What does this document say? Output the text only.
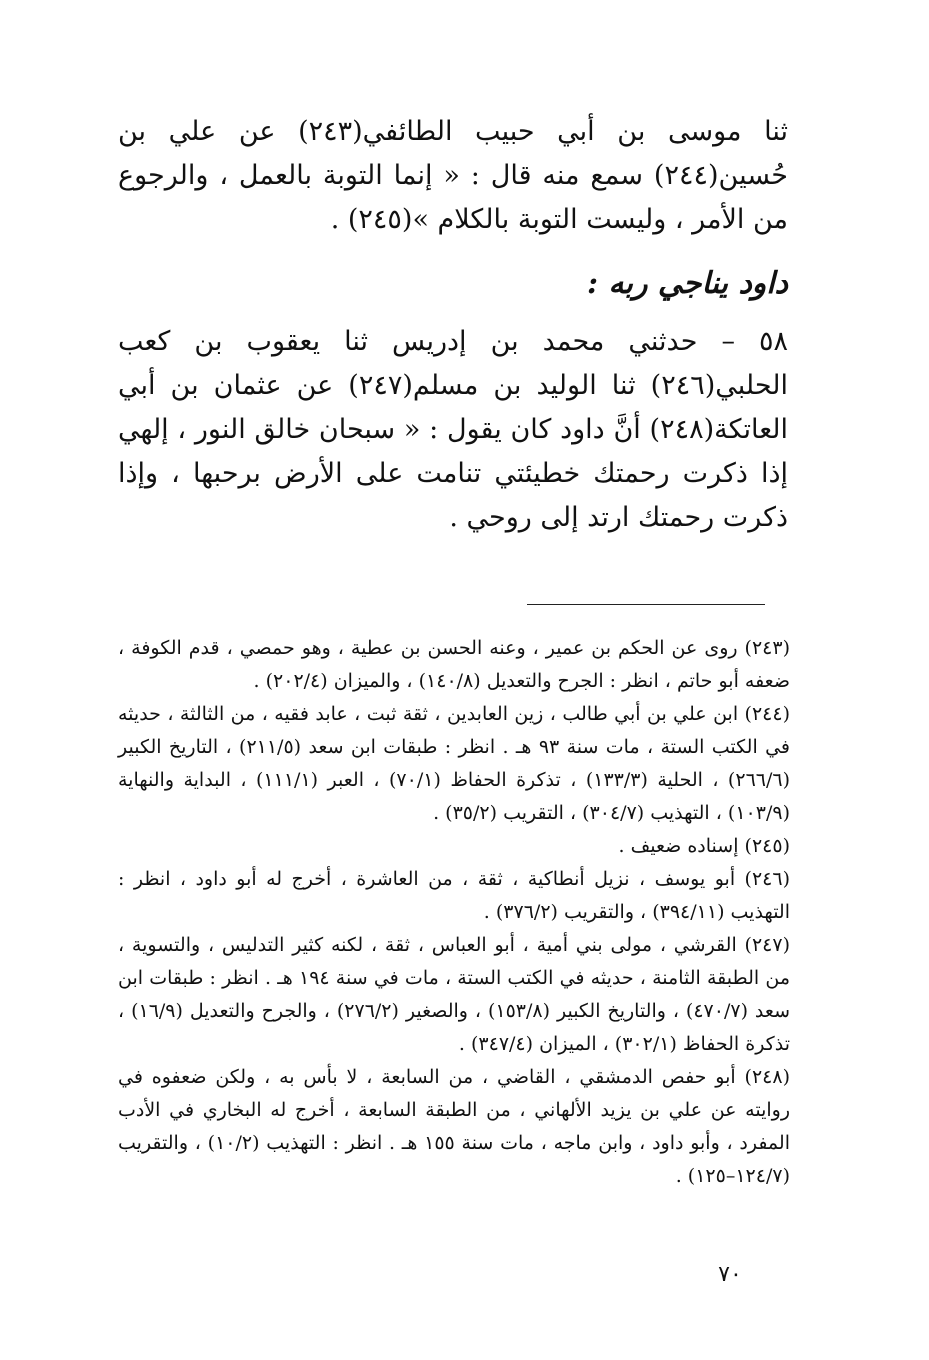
ثنا موسى بن أبي حبيب الطائفي(٢٤٣) عن علي بن حُسين(٢٤٤) سمع منه قال : « إنما التوبة بالعمل ، والرجوع من الأمر ، وليست التوبة بالكلام »(٢٤٥) .

داود يناجي ربه :

٥٨ – حدثني محمد بن إدريس ثنا يعقوب بن كعب الحلبي(٢٤٦) ثنا الوليد بن مسلم(٢٤٧) عن عثمان بن أبي العاتكة(٢٤٨) أنَّ داود كان يقول : « سبحان خالق النور ، إلهي إذا ذكرت رحمتك خطيئتي تنامت على الأرض برحبها ، وإذا ذكرت رحمتك ارتد إلى روحي .

(٢٤٣) روى عن الحكم بن عمير ، وعنه الحسن بن عطية ، وهو حمصي ، قدم الكوفة ، ضعفه أبو حاتم ، انظر : الجرح والتعديل (١٤٠/٨) ، والميزان (٢٠٢/٤) .

(٢٤٤) ابن علي بن أبي طالب ، زين العابدين ، ثقة ثبت ، عابد فقيه ، من الثالثة ، حديثه في الكتب الستة ، مات سنة ٩٣ هـ . انظر : طبقات ابن سعد (٢١١/٥) ، التاريخ الكبير (٢٦٦/٦) ، الحلية (١٣٣/٣) ، تذكرة الحفاظ (٧٠/١) ، العبر (١١١/١) ، البداية والنهاية (١٠٣/٩) ، التهذيب (٣٠٤/٧) ، التقريب (٣٥/٢) .

(٢٤٥) إسناده ضعيف .

(٢٤٦) أبو يوسف ، نزيل أنطاكية ، ثقة ، من العاشرة ، أخرج له أبو داود ، انظر : التهذيب (٣٩٤/١١) ، والتقريب (٣٧٦/٢) .

(٢٤٧) القرشي ، مولى بني أمية ، أبو العباس ، ثقة ، لكنه كثير التدليس ، والتسوية ، من الطبقة الثامنة ، حديثه في الكتب الستة ، مات في سنة ١٩٤ هـ . انظر : طبقات ابن سعد (٤٧٠/٧) ، والتاريخ الكبير (١٥٣/٨) ، والصغير (٢٧٦/٢) ، والجرح والتعديل (١٦/٩) ، تذكرة الحفاظ (٣٠٢/١) ، الميزان (٣٤٧/٤) .

(٢٤٨) أبو حفص الدمشقي ، القاضي ، من السابعة ، لا بأس به ، ولكن ضعفوه في روايته عن علي بن يزيد الألهاني ، من الطبقة السابعة ، أخرج له البخاري في الأدب المفرد ، وأبو داود ، وابن ماجه ، مات سنة ١٥٥ هـ . انظر : التهذيب (١٠/٢) ، والتقريب (١٢٤/٧–١٢٥) .

٧٠
